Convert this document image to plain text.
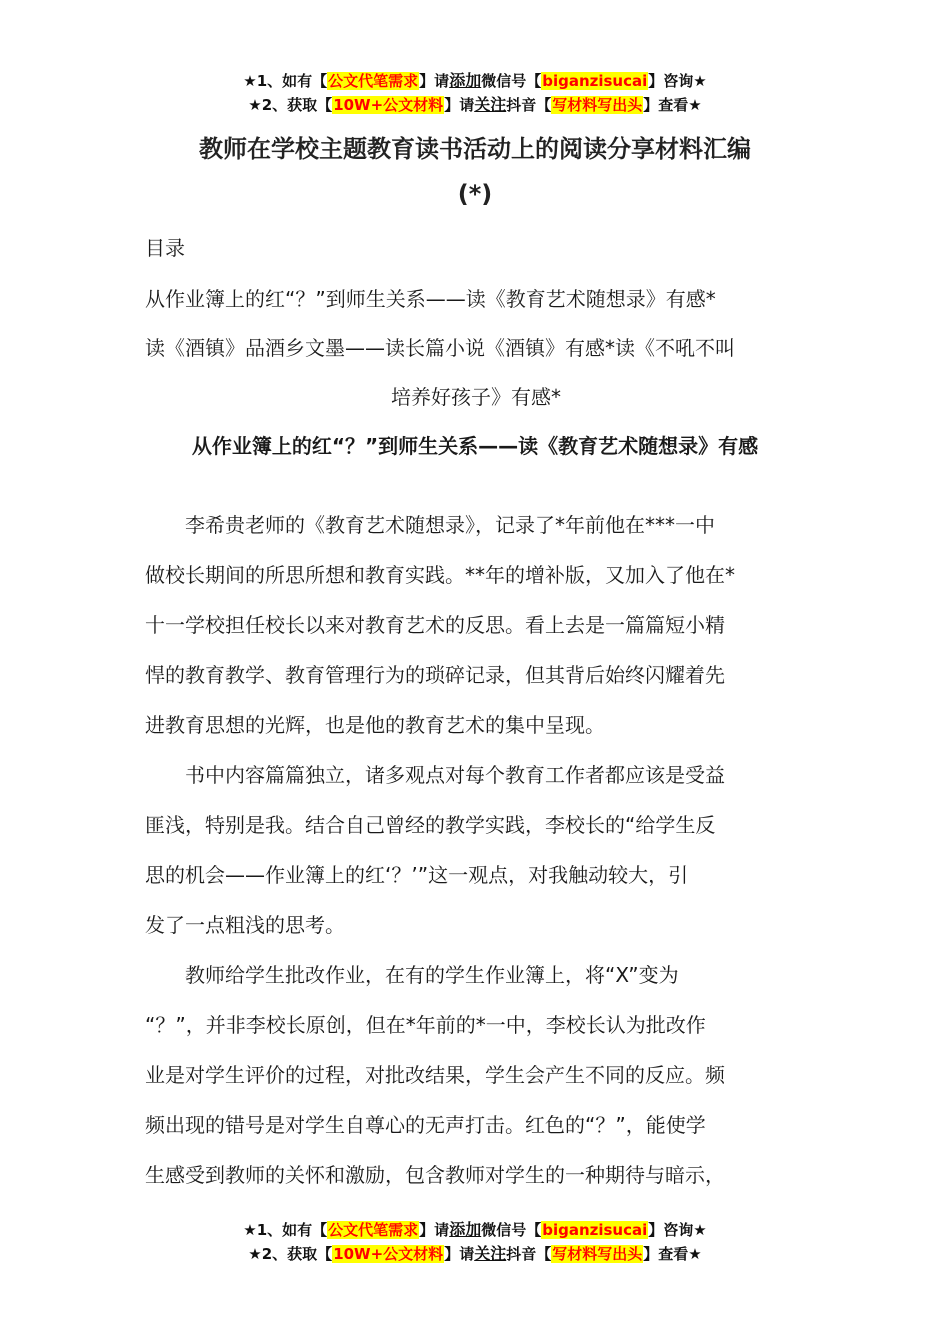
★1、如有【公文代笔需求】请添加微信号【biganzisucai】咨询★
★2、获取【10W+公文材料】请关注抖音【写材料写出头】查看★
教师在学校主题教育读书活动上的阅读分享材料汇编
(*)
目录
从作业簿上的红“？”到师生关系——读《教育艺术随想录》有感*
读《酒镇》品酒乡文墨——读长篇小说《酒镇》有感*读《不吼不叫
培养好孩子》有感*
从作业簿上的红“？”到师生关系——读《教育艺术随想录》有感
　　李希贵老师的《教育艺术随想录》，记录了*年前他在***一中
做校长期间的所思所想和教育实践。**年的增补版，又加入了他在*
十一学校担任校长以来对教育艺术的反思。看上去是一篇篇短小精
悍的教育教学、教育管理行为的琐碎记录，但其背后始终闪耀着先
进教育思想的光辉，也是他的教育艺术的集中呈现。
　　书中内容篇篇独立，诸多观点对每个教育工作者都应该是受益
匪浅，特别是我。结合自己曾经的教学实践，李校长的“给学生反
思的机会——作业簿上的红‘？’”这一观点，对我触动较大，引
发了一点粗浅的思考。
　　教师给学生批改作业，在有的学生作业簿上，将“X”变为
“？”，并非李校长原创，但在*年前的*一中，李校长认为批改作
业是对学生评价的过程，对批改结果，学生会产生不同的反应。频
频出现的错号是对学生自尊心的无声打击。红色的“？”，能使学
生感受到教师的关怀和激励，包含教师对学生的一种期待与暗示，
★1、如有【公文代笔需求】请添加微信号【biganzisucai】咨询★
★2、获取【10W+公文材料】请关注抖音【写材料写出头】查看★
